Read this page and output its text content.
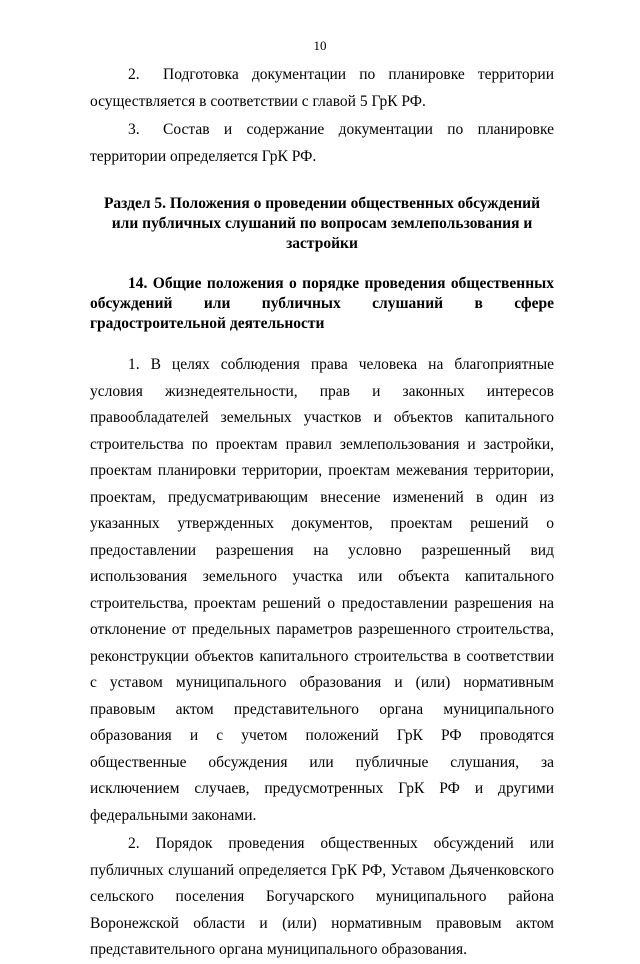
10

2. Подготовка документации по планировке территории осуществляется в соответствии с главой 5 ГрК РФ.

3. Состав и содержание документации по планировке территории определяется ГрК РФ.

Раздел 5. Положения о проведении общественных обсуждений или публичных слушаний по вопросам землепользования и застройки

14. Общие положения о порядке проведения общественных обсуждений или публичных слушаний в сфере градостроительной деятельности

1. В целях соблюдения права человека на благоприятные условия жизнедеятельности, прав и законных интересов правообладателей земельных участков и объектов капитального строительства по проектам правил землепользования и застройки, проектам планировки территории, проектам межевания территории, проектам, предусматривающим внесение изменений в один из указанных утвержденных документов, проектам решений о предоставлении разрешения на условно разрешенный вид использования земельного участка или объекта капитального строительства, проектам решений о предоставлении разрешения на отклонение от предельных параметров разрешенного строительства, реконструкции объектов капитального строительства в соответствии с уставом муниципального образования и (или) нормативным правовым актом представительного органа муниципального образования и с учетом положений ГрК РФ проводятся общественные обсуждения или публичные слушания, за исключением случаев, предусмотренных ГрК РФ и другими федеральными законами.

2. Порядок проведения общественных обсуждений или публичных слушаний определяется ГрК РФ, Уставом Дьяченковского сельского поселения Богучарского муниципального района Воронежской области и (или) нормативным правовым актом представительного органа муниципального образования.
